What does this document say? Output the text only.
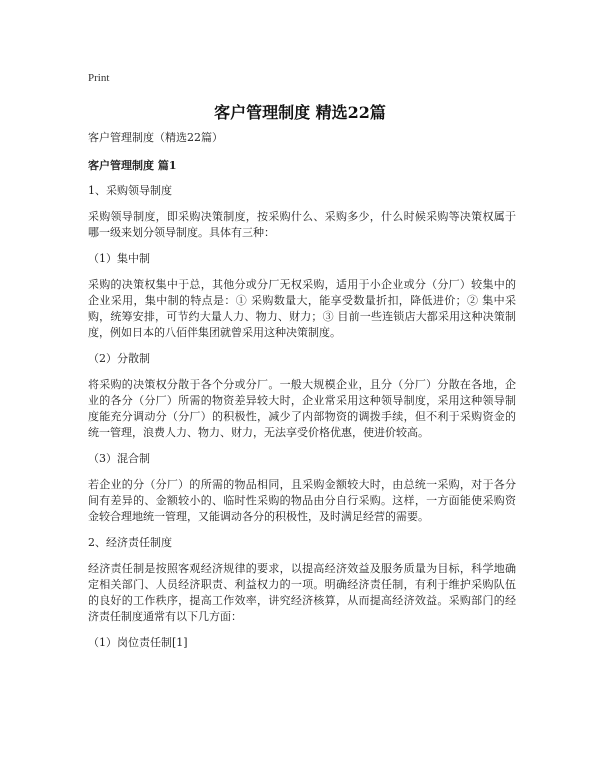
Print
客户管理制度 精选22篇

客户管理制度（精选22篇）

客户管理制度 篇1

1、采购领导制度

采购领导制度，即采购决策制度，按采购什么、采购多少，什么时候采购等决策权属于哪一级来划分领导制度。具体有三种：

（1）集中制

采购的决策权集中于总，其他分或分厂无权采购，适用于小企业或分（分厂）较集中的企业采用，集中制的特点是：① 采购数量大，能享受数量折扣，降低进价；② 集中采购，统筹安排，可节约大量人力、物力、财力；③ 目前一些连锁店大都采用这种决策制度，例如日本的八佰伴集团就曾采用这种决策制度。

（2）分散制

将采购的决策权分散于各个分或分厂。一般大规模企业，且分（分厂）分散在各地，企业的各分（分厂）所需的物资差异较大时，企业常采用这种领导制度，采用这种领导制度能充分调动分（分厂）的积极性，减少了内部物资的调拨手续，但不利于采购资金的统一管理，浪费人力、物力、财力，无法享受价格优惠，使进价较高。

（3）混合制

若企业的分（分厂）的所需的物品相同，且采购金额较大时，由总统一采购，对于各分间有差异的、金额较小的、临时性采购的物品由分自行采购。这样，一方面能使采购资金较合理地统一管理，又能调动各分的积极性，及时满足经营的需要。

2、经济责任制度

经济责任制是按照客观经济规律的要求，以提高经济效益及服务质量为目标，科学地确定相关部门、人员经济职责、利益权力的一项。明确经济责任制，有利于维护采购队伍的良好的工作秩序，提高工作效率，讲究经济核算，从而提高经济效益。采购部门的经济责任制度通常有以下几方面：

（1）岗位责任制[1]
